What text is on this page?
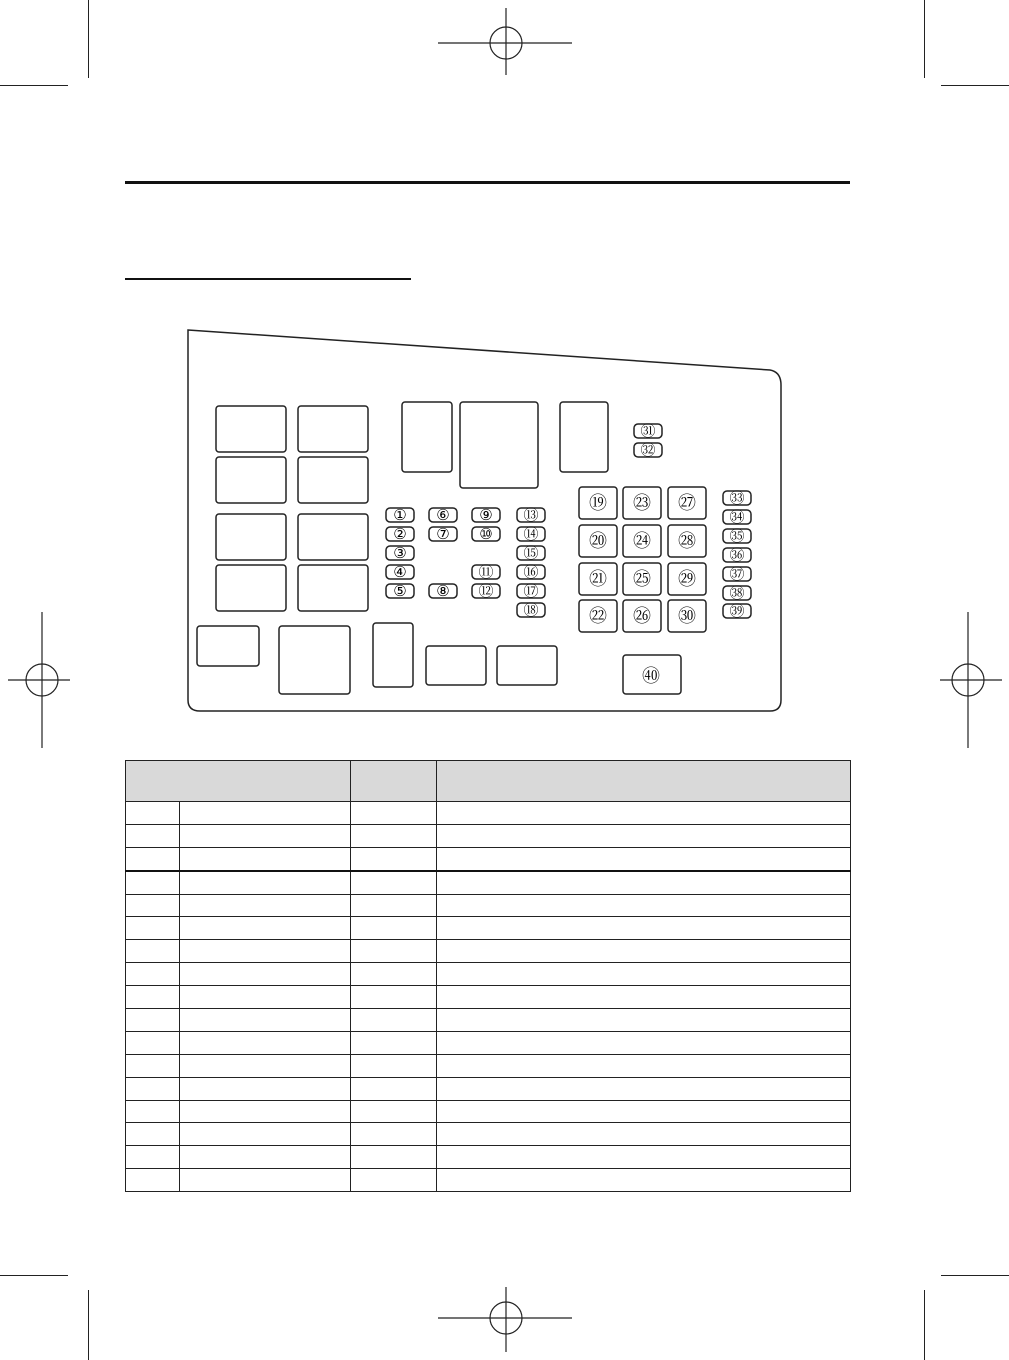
①
②
③
④
⑤
⑥
⑦
⑧
⑨
⑩
⑪
⑫
⑬
⑭
⑮
⑯
⑰
⑱
㉛
㉜
㉝
㉞
㉟
㊱
㊲
㊳
㊴
⑲
⑳
㉑
㉒
㉓
㉔
㉕
㉖
㉗
㉘
㉙
㉚
㊵
